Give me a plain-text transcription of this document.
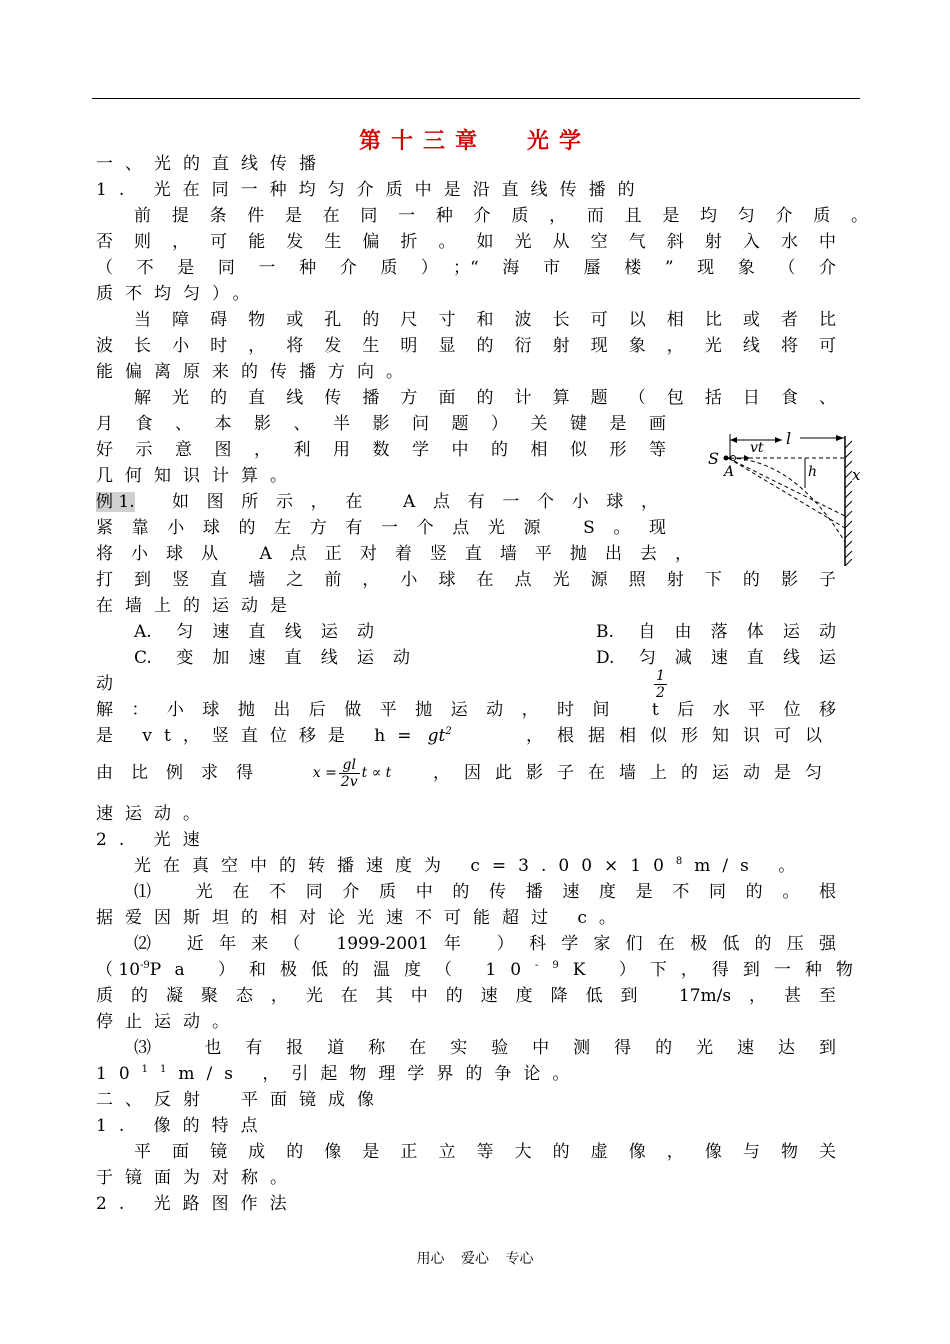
第十三章 光学
一、光的直线传播
1. 光在同一种均匀介质中是沿直线传播的
前提条件是在同一种介质，而且是均匀介质。
否则，可能发生偏折。如光从空气斜射入水中
（不是同一种介质）；“海市蜃楼”现象（介
质不均匀）。
当障碍物或孔的尺寸和波长可以相比或者比
波长小时，将发生明显的衍射现象，光线将可
能偏离原来的传播方向。
解光的直线传播方面的计算题（包括日食、
月食、本影、半影问题）关键是画
好示意图，利用数学中的相似形等
几何知识计算。
例 1. 如图所示，在 A点有一个小球，
紧靠小球的左方有一个点光源 S。现
将小球从 A点正对着竖直墙平抛出去，
打到竖直墙之前，小球在点光源照射下的影子
在墙上的运动是
A. 匀速直线运动	B. 自由落体运动
C. 变加速直线运动	D. 匀减速直线运
动	$\frac{1}{2}$
解：小球抛出后做平抛运动，时间 t后水平位移
是 vt，竖直位移是 $h= gt^2$	，根据相似形知识可以
由比例求得	$x = \frac{gl}{2v}$ t ∝ t ，因此影子在墙上的运动是匀
速运动。
2. 光速
光在真空中的转播速度为 $c=3.00\times 10^8m/s$ 。
⑴ 光在不同介质中的传播速度是不同的。根
据爱因斯坦的相对论光速不可能超过 c。
⑵ 近年来（ 1999-2001年 ）科学家们在极低的压强
（ $10^{-9}$ Pa ）和极低的温度（ $10^{-9}$ K ）下，得到一种物
质的凝聚态，光在其中的速度降低到 17m/s，甚至
停止运动。
⑶ 也有报道称在实验中测得的光速达到
$10^{11}m/s$ ，引起物理学界的争论。
二、反射　平面镜成像
1. 像的特点
平面镜成的像是正立等大的虚像，像与物关
于镜面为对称。
2. 光路图作法
S
A
vt l
h x
用心 爱心 专心
